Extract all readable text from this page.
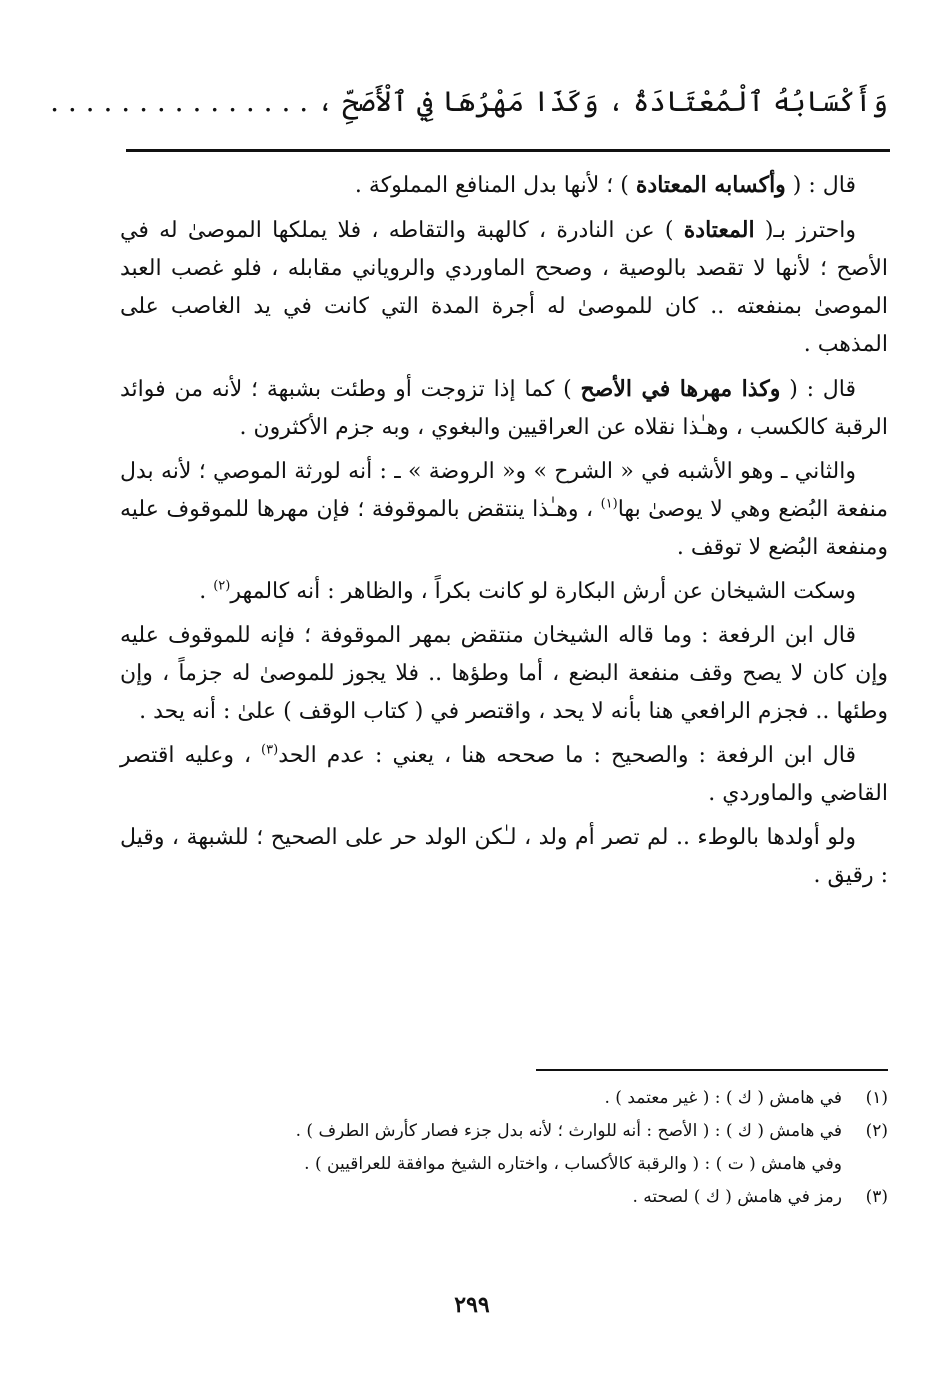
وَأَكْسَابُهُ ٱلْمُعْتَادَةُ ، وَكَذَا مَهْرُهَا فِي ٱلْأَصَحِّ ، . . . . . . . . . . . . . . .

قال : ( وأكسابه المعتادة ) ؛ لأنها بدل المنافع المملوكة .

واحترز بـ( المعتادة ) عن النادرة ، كالهبة والتقاطه ، فلا يملكها الموصىٰ له في الأصح ؛ لأنها لا تقصد بالوصية ، وصحح الماوردي والروياني مقابله ، فلو غصب العبد الموصىٰ بمنفعته .. كان للموصىٰ له أجرة المدة التي كانت في يد الغاصب على المذهب .

قال : ( وكذا مهرها في الأصح ) كما إذا تزوجت أو وطئت بشبهة ؛ لأنه من فوائد الرقبة كالكسب ، وهـٰذا نقلاه عن العراقيين والبغوي ، وبه جزم الأكثرون .

والثاني ـ وهو الأشبه في « الشرح » و« الروضة » ـ : أنه لورثة الموصي ؛ لأنه بدل منفعة البُضع وهي لا يوصىٰ بها$^{(١)}$ ، وهـٰذا ينتقض بالموقوفة ؛ فإن مهرها للموقوف عليه ومنفعة البُضع لا توقف .

وسكت الشيخان عن أرش البكارة لو كانت بكراً ، والظاهر : أنه كالمهر$^{(٢)}$ .

قال ابن الرفعة : وما قاله الشيخان منتقض بمهر الموقوفة ؛ فإنه للموقوف عليه وإن كان لا يصح وقف منفعة البضع ، أما وطؤها .. فلا يجوز للموصىٰ له جزماً ، وإن وطئها .. فجزم الرافعي هنا بأنه لا يحد ، واقتصر في ( كتاب الوقف ) علىٰ : أنه يحد .

قال ابن الرفعة : والصحيح : ما صححه هنا ، يعني : عدم الحد$^{(٣)}$ ، وعليه اقتصر القاضي والماوردي .

ولو أولدها بالوطء .. لم تصر أم ولد ، لـٰكن الولد حر على الصحيح ؛ للشبهة ، وقيل : رقيق .

(١)
في هامش ( ك ) : ( غير معتمد ) .
(٢)
في هامش ( ك ) : ( الأصح : أنه للوارث ؛ لأنه بدل جزء فصار كأرش الطرف ) .
وفي هامش ( ت ) : ( والرقبة كالأكساب ، واختاره الشيخ موافقة للعراقيين ) .
(٣)
رمز في هامش ( ك ) لصحته .
٢٩٩
